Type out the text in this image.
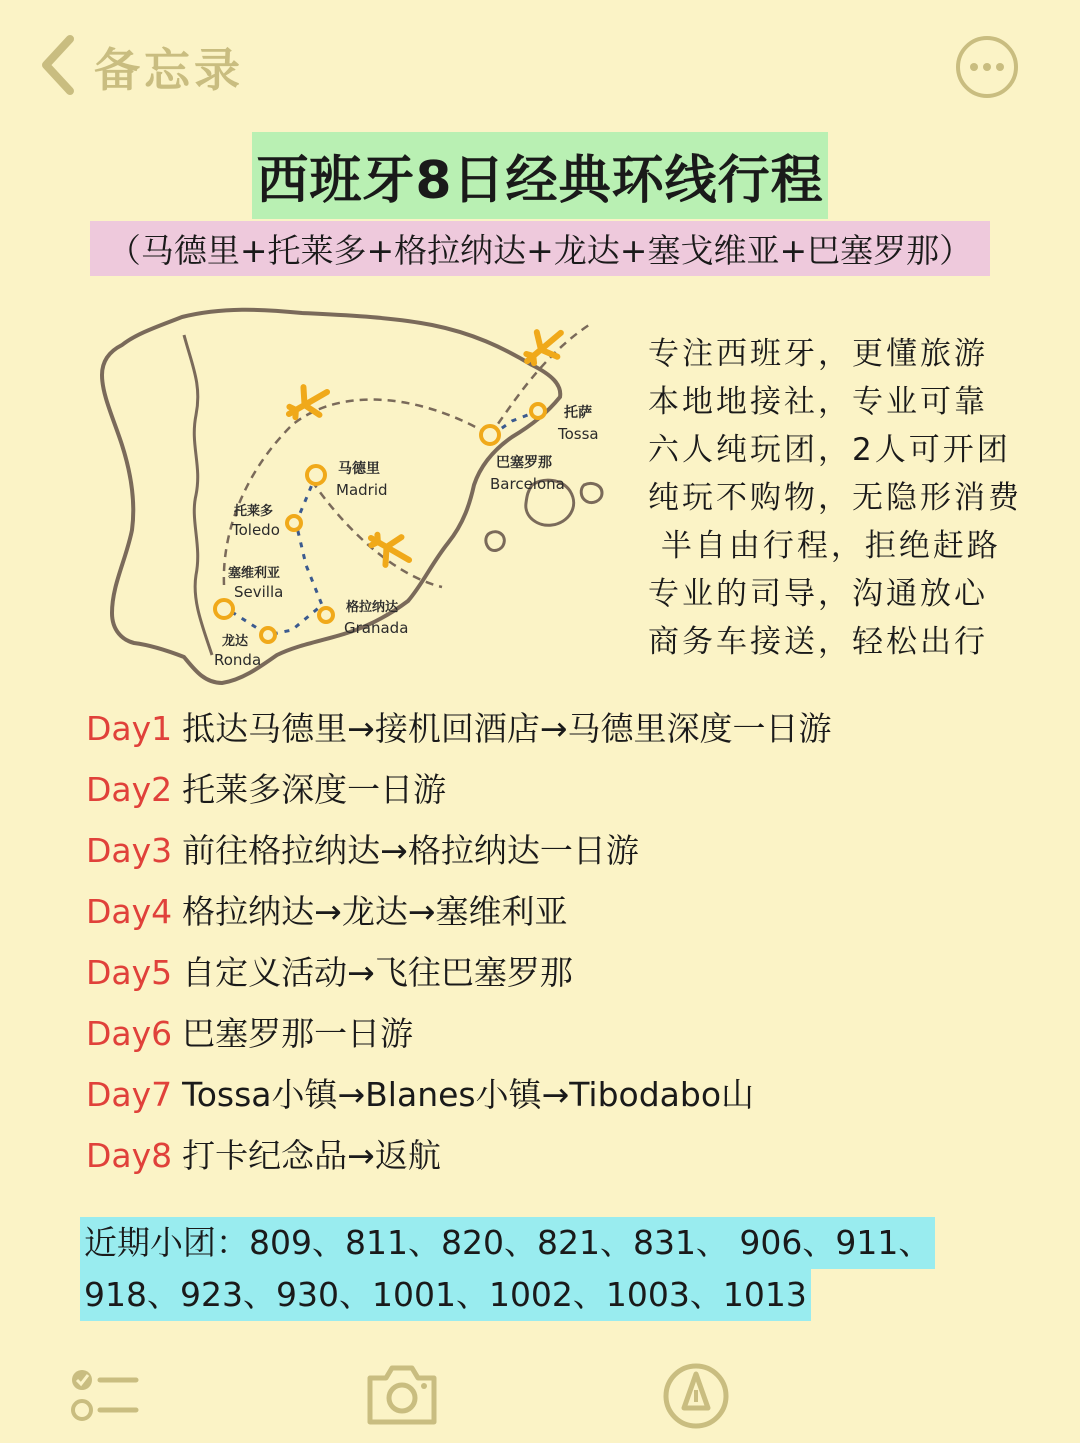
备忘录
西班牙8日经典环线行程
（马德里+托莱多+格拉纳达+龙达+塞戈维亚+巴塞罗那）
托萨
Tossa
巴塞罗那
Barcelona
马德里
Madrid
托莱多
Toledo
塞维利亚
Sevilla
格拉纳达
Granada
龙达
Ronda
专注西班牙，更懂旅游
本地地接社，专业可靠
六人纯玩团，2人可开团
纯玩不购物，无隐形消费
半自由行程，拒绝赶路
专业的司导，沟通放心
商务车接送，轻松出行
Day1 抵达马德里→接机回酒店→马德里深度一日游
Day2 托莱多深度一日游
Day3 前往格拉纳达→格拉纳达一日游
Day4 格拉纳达→龙达→塞维利亚
Day5 自定义活动→飞往巴塞罗那
Day6 巴塞罗那一日游
Day7 Tossa小镇→Blanes小镇→Tibodabo山
Day8 打卡纪念品→返航
近期小团：809、811、820、821、831、 906、911、
918、923、930、1001、1002、1003、1013
